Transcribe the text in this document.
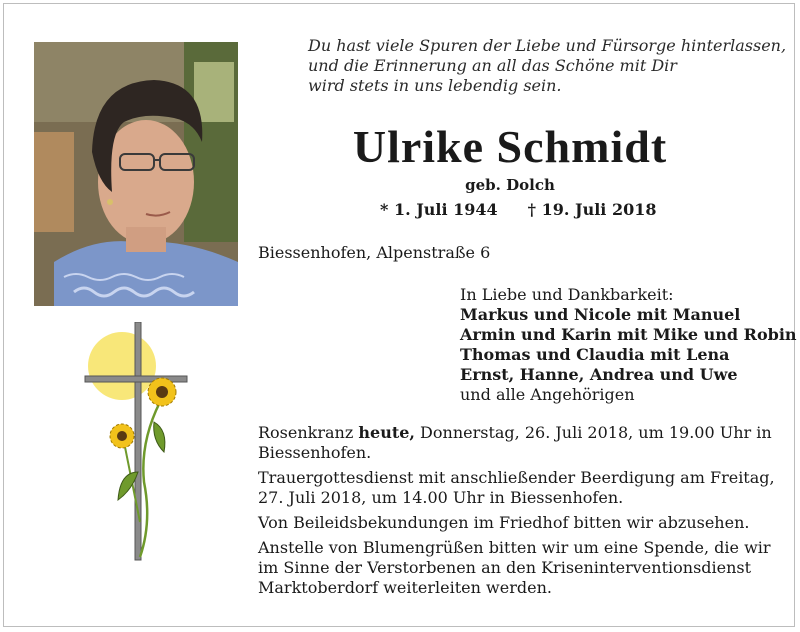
Du hast viele Spuren der Liebe und Fürsorge hinterlassen,
und die Erinnerung an all das Schöne mit Dir
wird stets in uns lebendig sein.
Ulrike Schmidt
geb. Dolch
* 1. Juli 1944 † 19. Juli 2018
Biessenhofen, Alpenstraße 6
In Liebe und Dankbarkeit:
Markus und Nicole mit Manuel
Armin und Karin mit Mike und Robin
Thomas und Claudia mit Lena
Ernst, Hanne, Andrea und Uwe
und alle Angehörigen

Rosenkranz heute, Donnerstag, 26. Juli 2018, um 19.00 Uhr in Biessenhofen.

Trauergottesdienst mit anschließender Beerdigung am Freitag, 27. Juli 2018, um 14.00 Uhr in Biessenhofen.

Von Beileidsbekundungen im Friedhof bitten wir abzusehen.

Anstelle von Blumengrüßen bitten wir um eine Spende, die wir im Sinne der Verstorbenen an den Kriseninterventionsdienst Marktoberdorf weiterleiten werden.
